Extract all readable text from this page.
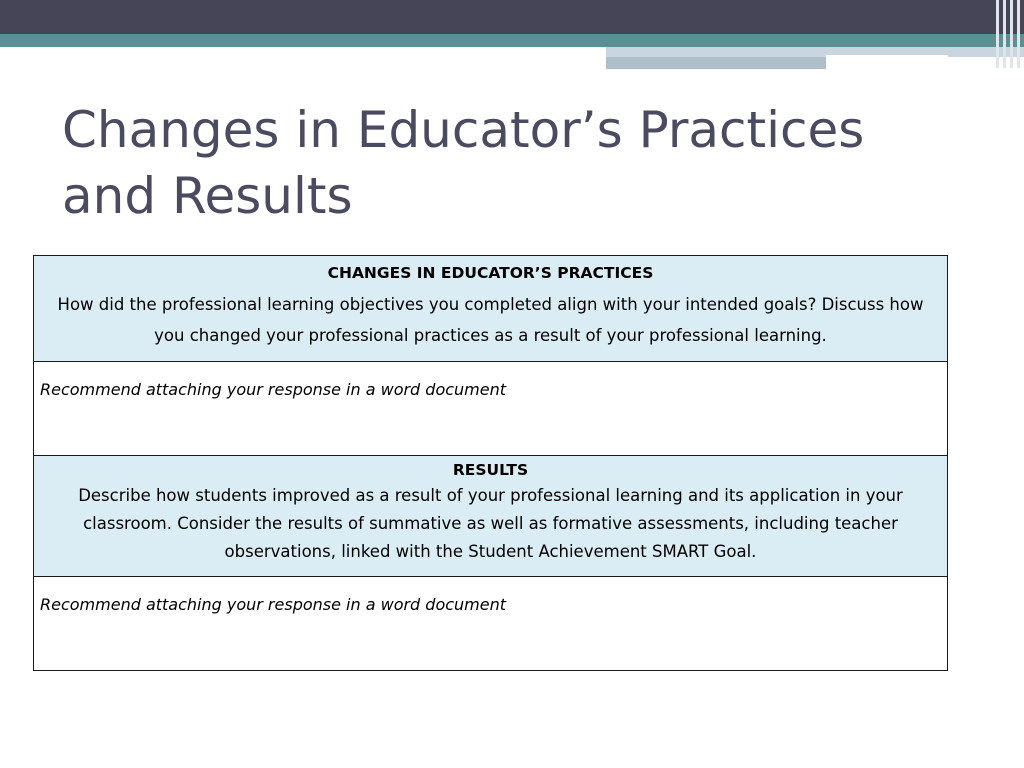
Changes in Educator’s Practices and Results
CHANGES IN EDUCATOR’S PRACTICES
How did the professional learning objectives you completed align with your intended goals? Discuss how you changed your professional practices as a result of your professional learning.

Recommend attaching your response in a word document

RESULTS
Describe how students improved as a result of your professional learning and its application in your classroom. Consider the results of summative as well as formative assessments, including teacher observations, linked with the Student Achievement SMART Goal.

Recommend attaching your response in a word document
